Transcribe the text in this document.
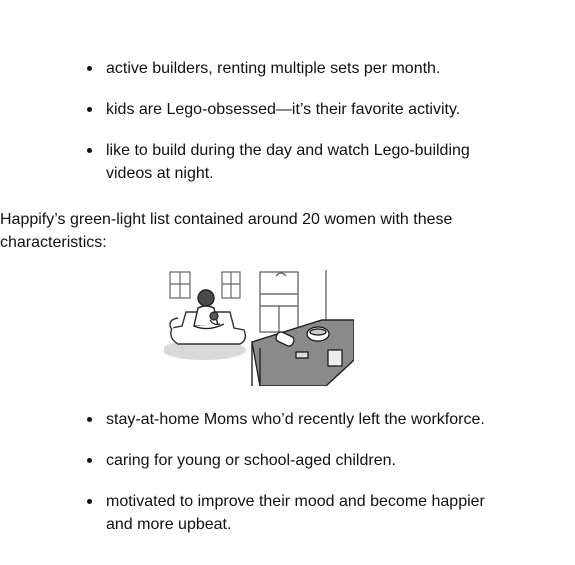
active builders, renting multiple sets per month.
kids are Lego-obsessed—it’s their favorite activity.
like to build during the day and watch Lego-building videos at night.

Happify’s green-light list contained around 20 women with these characteristics:

stay-at-home Moms who’d recently left the workforce.
caring for young or school-aged children.
motivated to improve their mood and become happier and more upbeat.
